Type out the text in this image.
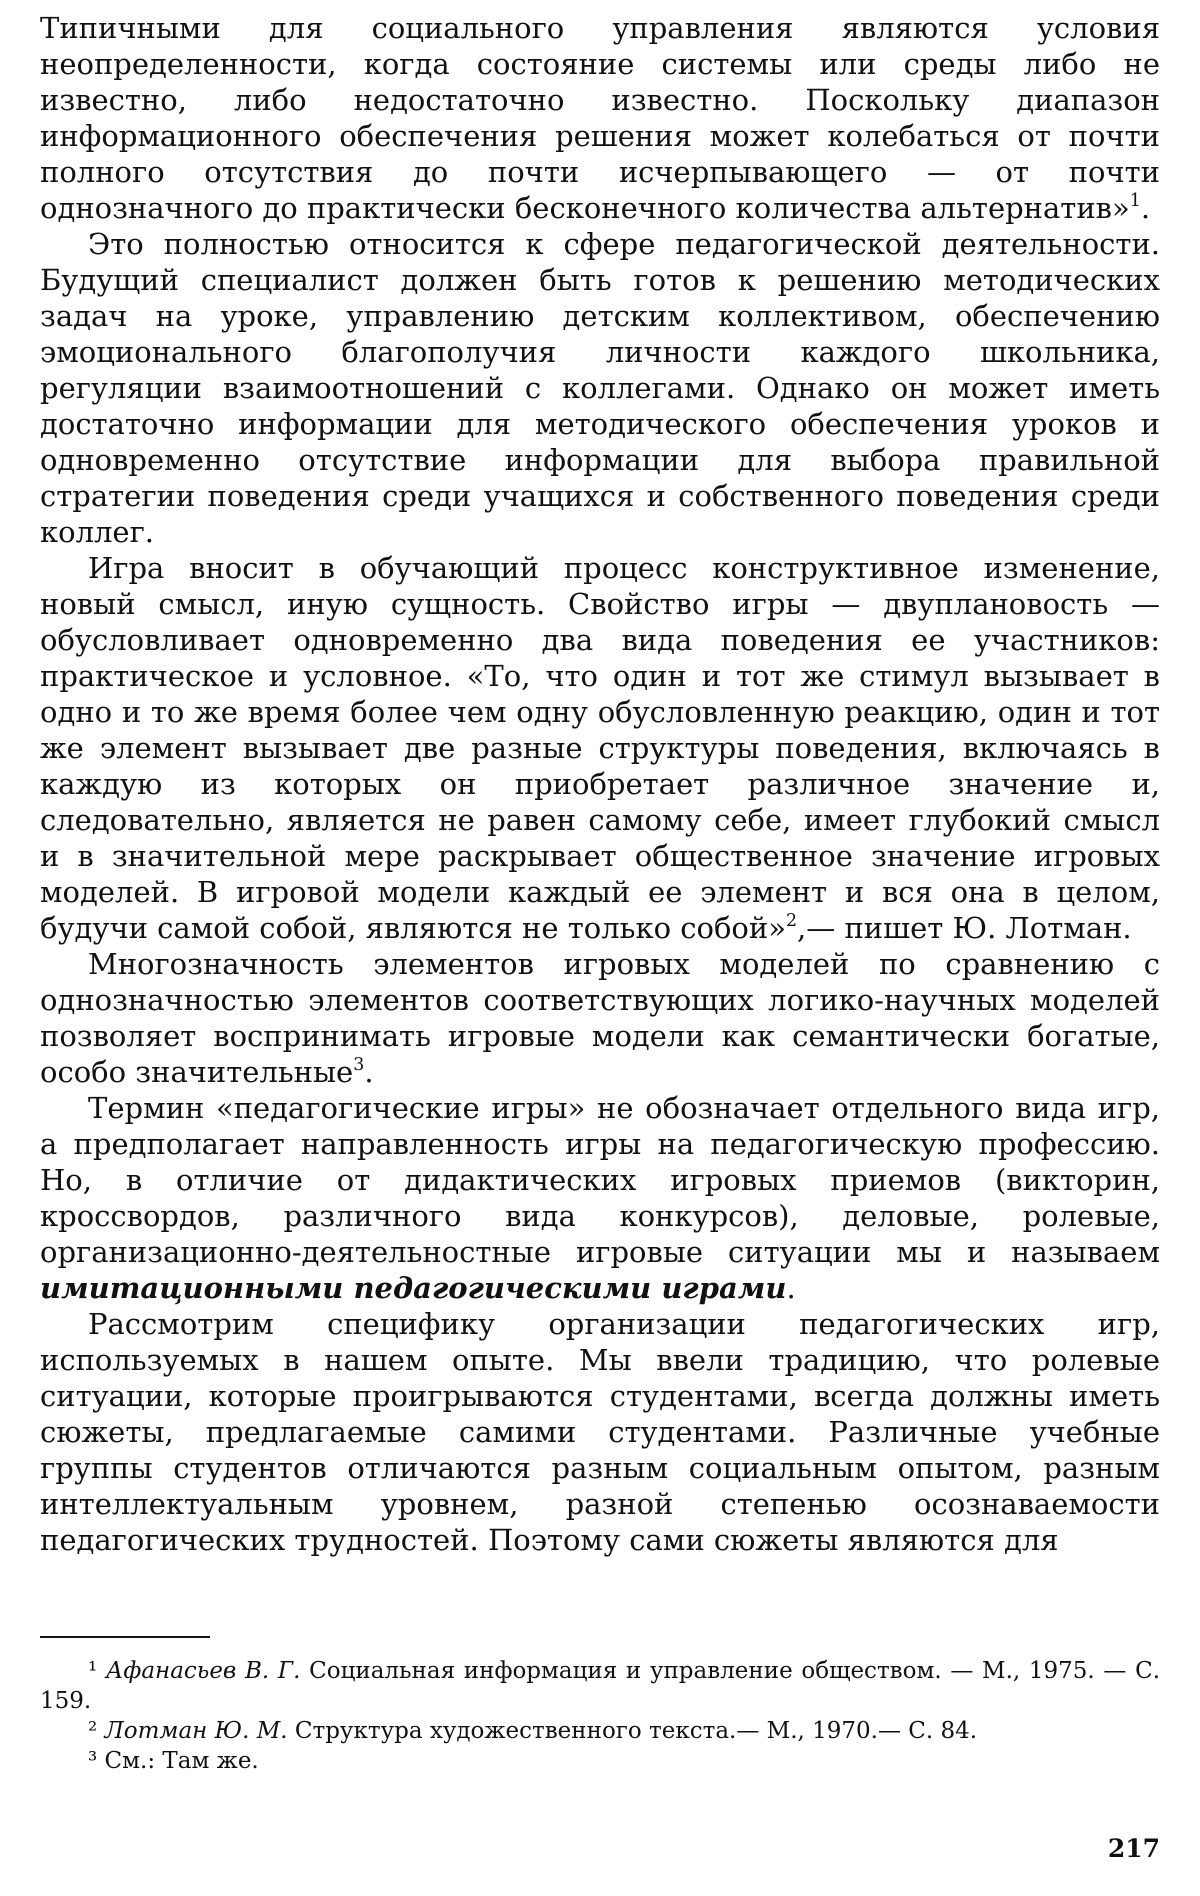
Типичными для социального управления являются условия неопределенности, когда состояние системы или среды либо не известно, либо недостаточно известно. Поскольку диапазон информационного обеспечения решения может колебаться от почти полного отсутствия до почти исчерпывающего — от почти однозначного до практически бесконечного количества альтернатив»$^1$.

Это полностью относится к сфере педагогической деятельности. Будущий специалист должен быть готов к решению методических задач на уроке, управлению детским коллективом, обеспечению эмоционального благополучия личности каждого школьника, регуляции взаимоотношений с коллегами. Однако он может иметь достаточно информации для методического обеспечения уроков и одновременно отсутствие информации для выбора правильной стратегии поведения среди учащихся и собственного поведения среди коллег.

Игра вносит в обучающий процесс конструктивное изменение, новый смысл, иную сущность. Свойство игры — двуплановость — обусловливает одновременно два вида поведения ее участников: практическое и условное. «То, что один и тот же стимул вызывает в одно и то же время более чем одну обусловленную реакцию, один и тот же элемент вызывает две разные структуры поведения, включаясь в каждую из которых он приобретает различное значение и, следовательно, является не равен самому себе, имеет глубокий смысл и в значительной мере раскрывает общественное значение игровых моделей. В игровой модели каждый ее элемент и вся она в целом, будучи самой собой, являются не только собой»$^2$,— пишет Ю. Лотман.

Многозначность элементов игровых моделей по сравнению с однозначностью элементов соответствующих логико-научных моделей позволяет воспринимать игровые модели как семантически богатые, особо значительные$^3$.

Термин «педагогические игры» не обозначает отдельного вида игр, а предполагает направленность игры на педагогическую профессию. Но, в отличие от дидактических игровых приемов (викторин, кроссвордов, различного вида конкурсов), деловые, ролевые, организационно-деятельностные игровые ситуации мы и называем имитационными педагогическими играми.

Рассмотрим специфику организации педагогических игр, используемых в нашем опыте. Мы ввели традицию, что ролевые ситуации, которые проигрываются студентами, всегда должны иметь сюжеты, предлагаемые самими студентами. Различные учебные группы студентов отличаются разным социальным опытом, разным интеллектуальным уровнем, разной степенью осознаваемости педагогических трудностей. Поэтому сами сюжеты являются для

¹ Афанасьев В. Г. Социальная информация и управление обществом. — М., 1975. — С. 159.

² Лотман Ю. М. Структура художественного текста.— М., 1970.— С. 84.

³ См.: Там же.

217
